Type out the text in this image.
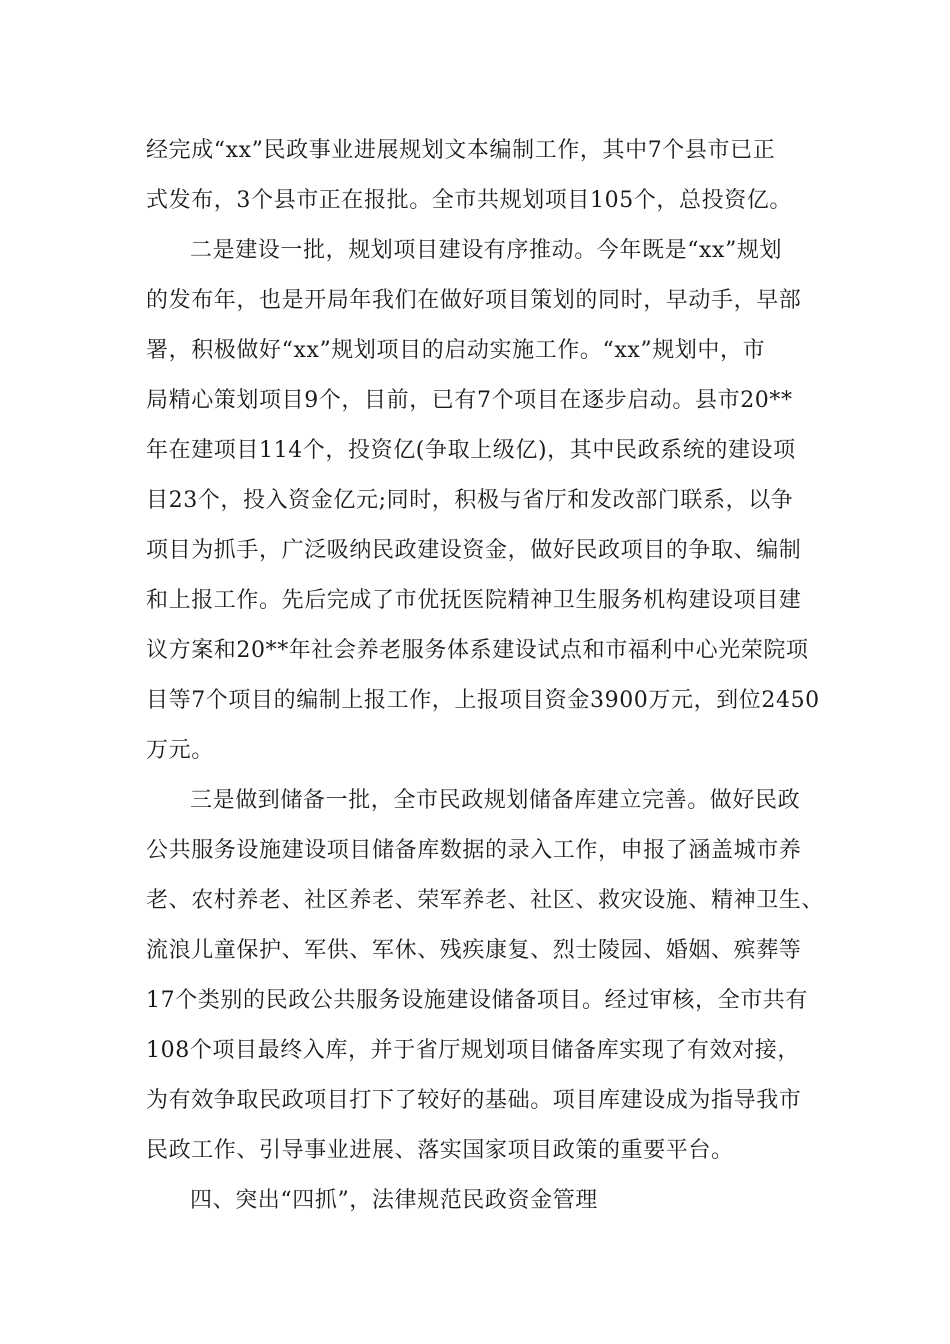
经完成“xx”民政事业进展规划文本编制工作，其中7个县市已正

式发布，3个县市正在报批。全市共规划项目105个，总投资亿。

二是建设一批，规划项目建设有序推动。今年既是“xx”规划

的发布年，也是开局年我们在做好项目策划的同时，早动手，早部

署，积极做好“xx”规划项目的启动实施工作。“xx”规划中，市

局精心策划项目9个，目前，已有7个项目在逐步启动。县市20**

年在建项目114个，投资亿(争取上级亿)，其中民政系统的建设项

目23个，投入资金亿元;同时，积极与省厅和发改部门联系，以争

项目为抓手，广泛吸纳民政建设资金，做好民政项目的争取、编制

和上报工作。先后完成了市优抚医院精神卫生服务机构建设项目建

议方案和20**年社会养老服务体系建设试点和市福利中心光荣院项

目等7个项目的编制上报工作，上报项目资金3900万元，到位2450

万元。

三是做到储备一批，全市民政规划储备库建立完善。做好民政

公共服务设施建设项目储备库数据的录入工作，申报了涵盖城市养

老、农村养老、社区养老、荣军养老、社区、救灾设施、精神卫生、

流浪儿童保护、军供、军休、残疾康复、烈士陵园、婚姻、殡葬等

17个类别的民政公共服务设施建设储备项目。经过审核，全市共有

108个项目最终入库，并于省厅规划项目储备库实现了有效对接，

为有效争取民政项目打下了较好的基础。项目库建设成为指导我市

民政工作、引导事业进展、落实国家项目政策的重要平台。

四、突出“四抓”，法律规范民政资金管理
